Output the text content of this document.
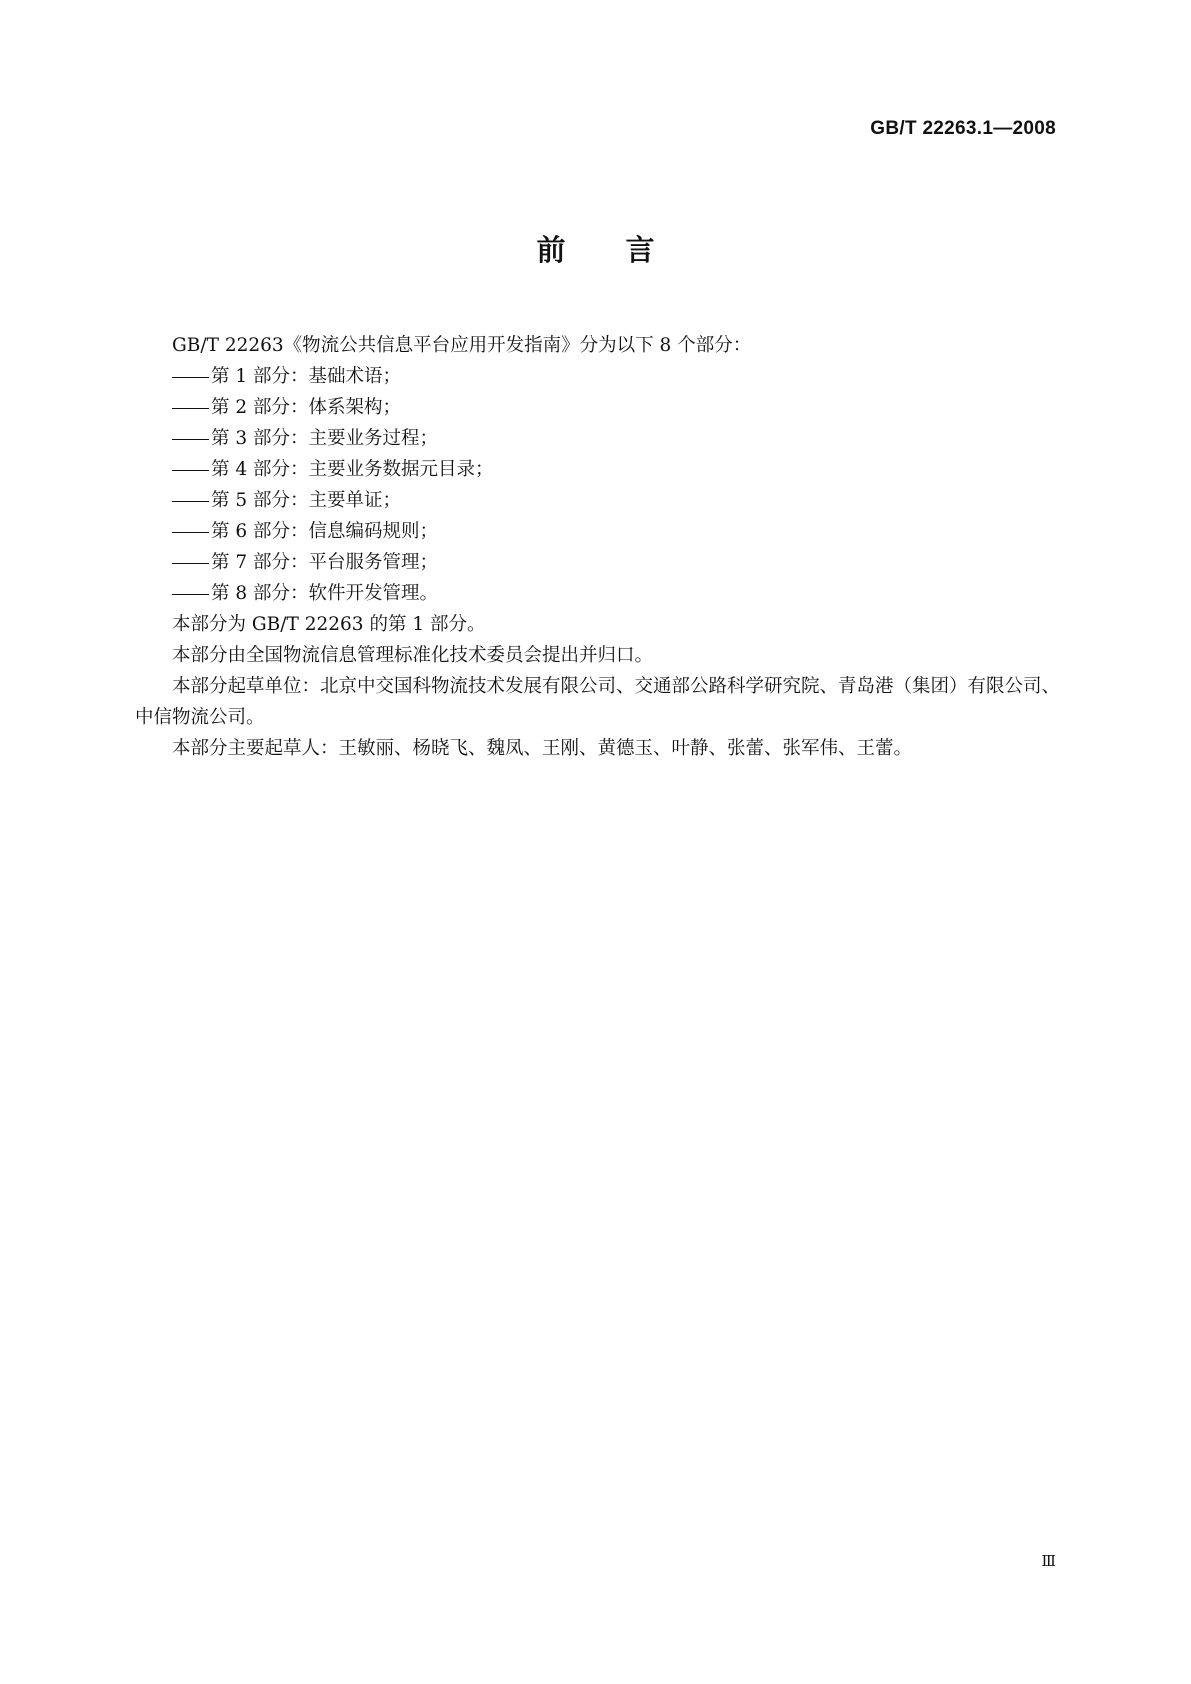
GB/T 22263.1—2008
前言

GB/T 22263《物流公共信息平台应用开发指南》分为以下 8 个部分：

第 1 部分：基础术语；
第 2 部分：体系架构；
第 3 部分：主要业务过程；
第 4 部分：主要业务数据元目录；
第 5 部分：主要单证；
第 6 部分：信息编码规则；
第 7 部分：平台服务管理；
第 8 部分：软件开发管理。

本部分为 GB/T 22263 的第 1 部分。

本部分由全国物流信息管理标准化技术委员会提出并归口。

本部分起草单位：北京中交国科物流技术发展有限公司、交通部公路科学研究院、青岛港（集团）有限公司、中信物流公司。

本部分主要起草人：王敏丽、杨晓飞、魏凤、王刚、黄德玉、叶静、张蕾、张军伟、王蕾。

Ⅲ
